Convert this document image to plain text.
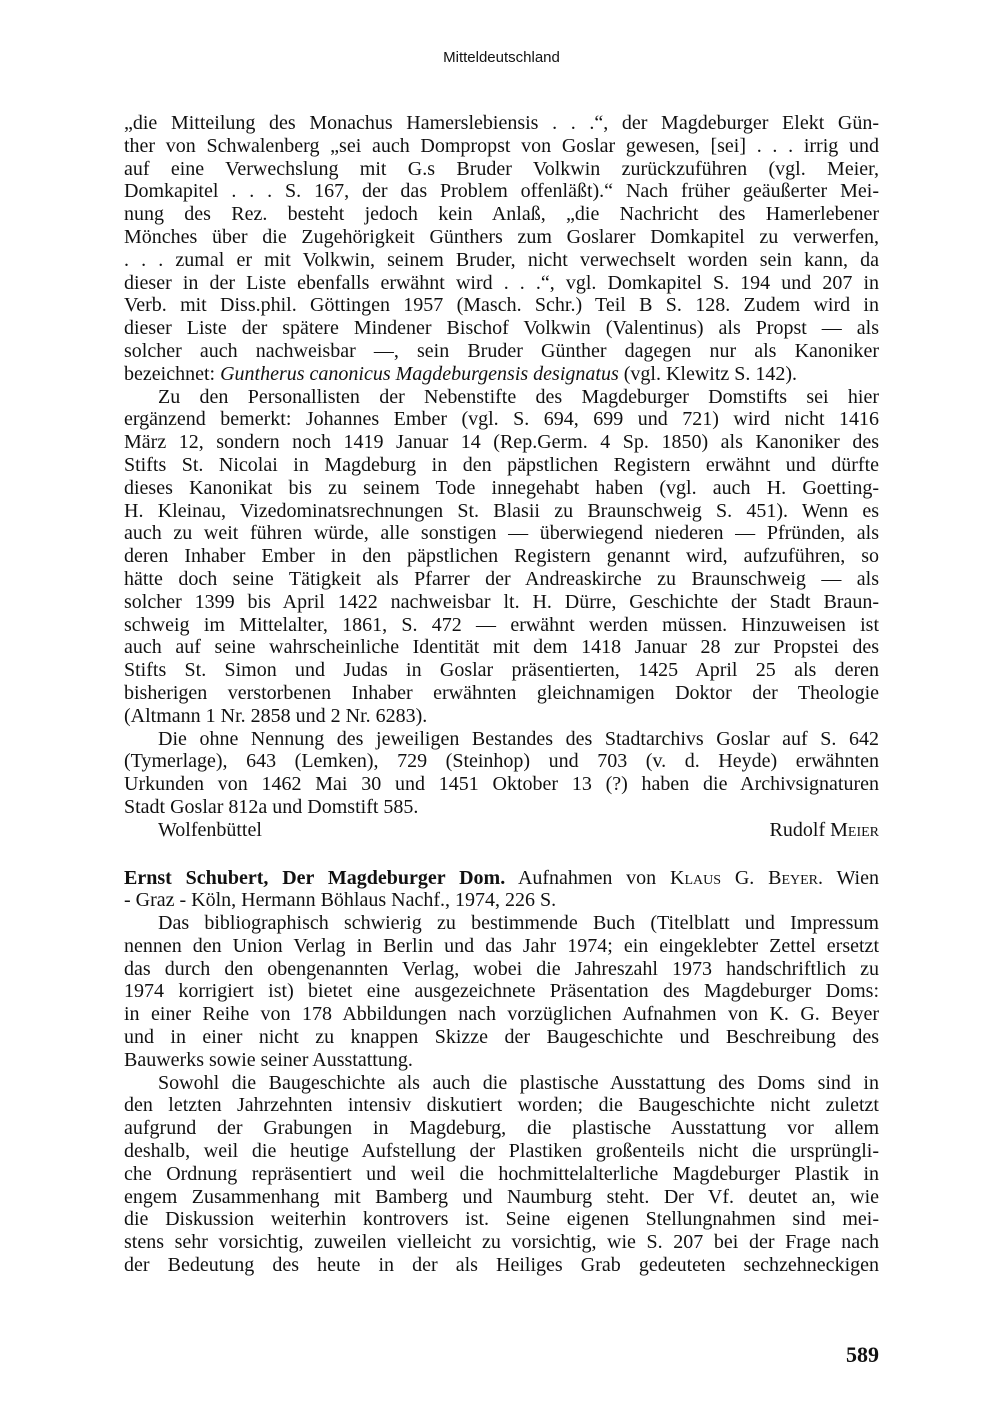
Mitteldeutschland
„die Mitteilung des Monachus Hamerslebiensis . . .“, der Magdeburger Elekt Gün-
ther von Schwalenberg „sei auch Dompropst von Goslar gewesen, [sei] . . . irrig und
auf eine Verwechslung mit G.s Bruder Volkwin zurückzuführen (vgl. Meier,
Domkapitel . . . S. 167, der das Problem offenläßt).“ Nach früher geäußerter Mei-
nung des Rez. besteht jedoch kein Anlaß, „die Nachricht des Hamerlebener
Mönches über die Zugehörigkeit Günthers zum Goslarer Domkapitel zu verwerfen,
. . . zumal er mit Volkwin, seinem Bruder, nicht verwechselt worden sein kann, da
dieser in der Liste ebenfalls erwähnt wird . . .“, vgl. Domkapitel S. 194 und 207 in
Verb. mit Diss.phil. Göttingen 1957 (Masch. Schr.) Teil B S. 128. Zudem wird in
dieser Liste der spätere Mindener Bischof Volkwin (Valentinus) als Propst — als
solcher auch nachweisbar —, sein Bruder Günther dagegen nur als Kanoniker
bezeichnet: Guntherus canonicus Magdeburgensis designatus (vgl. Klewitz S. 142).
Zu den Personallisten der Nebenstifte des Magdeburger Domstifts sei hier
ergänzend bemerkt: Johannes Ember (vgl. S. 694, 699 und 721) wird nicht 1416
März 12, sondern noch 1419 Januar 14 (Rep.Germ. 4 Sp. 1850) als Kanoniker des
Stifts St. Nicolai in Magdeburg in den päpstlichen Registern erwähnt und dürfte
dieses Kanonikat bis zu seinem Tode innegehabt haben (vgl. auch H. Goetting-
H. Kleinau, Vizedominatsrechnungen St. Blasii zu Braunschweig S. 451). Wenn es
auch zu weit führen würde, alle sonstigen — überwiegend niederen — Pfründen, als
deren Inhaber Ember in den päpstlichen Registern genannt wird, aufzuführen, so
hätte doch seine Tätigkeit als Pfarrer der Andreaskirche zu Braunschweig — als
solcher 1399 bis April 1422 nachweisbar lt. H. Dürre, Geschichte der Stadt Braun-
schweig im Mittelalter, 1861, S. 472 — erwähnt werden müssen. Hinzuweisen ist
auch auf seine wahrscheinliche Identität mit dem 1418 Januar 28 zur Propstei des
Stifts St. Simon und Judas in Goslar präsentierten, 1425 April 25 als deren
bisherigen verstorbenen Inhaber erwähnten gleichnamigen Doktor der Theologie
(Altmann 1 Nr. 2858 und 2 Nr. 6283).
Die ohne Nennung des jeweiligen Bestandes des Stadtarchivs Goslar auf S. 642
(Tymerlage), 643 (Lemken), 729 (Steinhop) und 703 (v. d. Heyde) erwähnten
Urkunden von 1462 Mai 30 und 1451 Oktober 13 (?) haben die Archivsignaturen
Stadt Goslar 812a und Domstift 585.
Wolfenbüttel	Rudolf Meier
Ernst Schubert, Der Magdeburger Dom. Aufnahmen von Klaus G. Beyer. Wien
- Graz - Köln, Hermann Böhlaus Nachf., 1974, 226 S.
Das bibliographisch schwierig zu bestimmende Buch (Titelblatt und Impressum
nennen den Union Verlag in Berlin und das Jahr 1974; ein eingeklebter Zettel ersetzt
das durch den obengenannten Verlag, wobei die Jahreszahl 1973 handschriftlich zu
1974 korrigiert ist) bietet eine ausgezeichnete Präsentation des Magdeburger Doms:
in einer Reihe von 178 Abbildungen nach vorzüglichen Aufnahmen von K. G. Beyer
und in einer nicht zu knappen Skizze der Baugeschichte und Beschreibung des
Bauwerks sowie seiner Ausstattung.
Sowohl die Baugeschichte als auch die plastische Ausstattung des Doms sind in
den letzten Jahrzehnten intensiv diskutiert worden; die Baugeschichte nicht zuletzt
aufgrund der Grabungen in Magdeburg, die plastische Ausstattung vor allem
deshalb, weil die heutige Aufstellung der Plastiken großenteils nicht die ursprüngli-
che Ordnung repräsentiert und weil die hochmittelalterliche Magdeburger Plastik in
engem Zusammenhang mit Bamberg und Naumburg steht. Der Vf. deutet an, wie
die Diskussion weiterhin kontrovers ist. Seine eigenen Stellungnahmen sind mei-
stens sehr vorsichtig, zuweilen vielleicht zu vorsichtig, wie S. 207 bei der Frage nach
der Bedeutung des heute in der als Heiliges Grab gedeuteten sechzehneckigen
589
